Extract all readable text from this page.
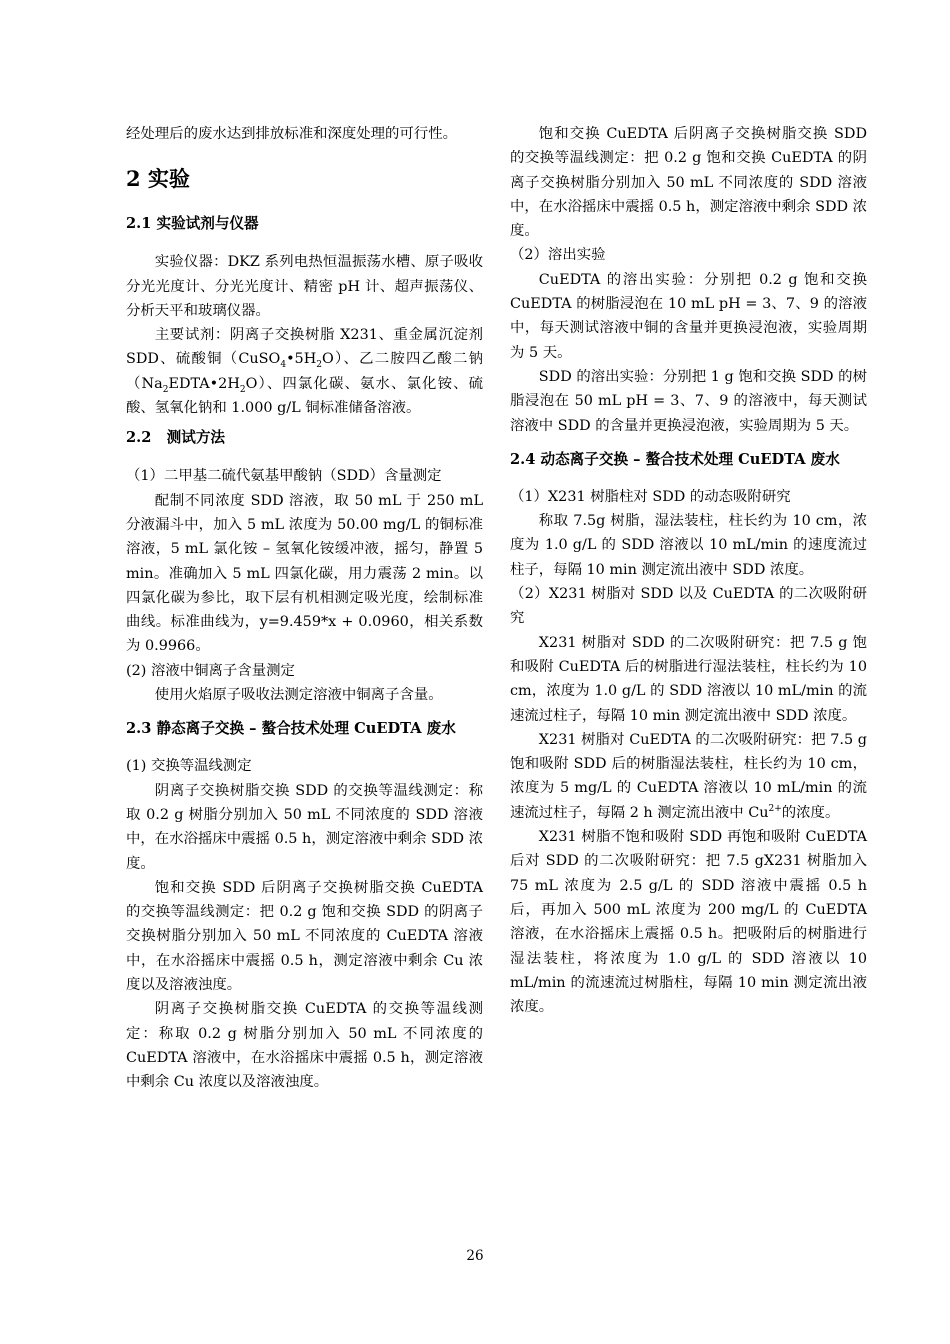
经处理后的废水达到排放标准和深度处理的可行性。

2 实验

2.1 实验试剂与仪器

实验仪器：DKZ 系列电热恒温振荡水槽、原子吸收分光光度计、分光光度计、精密 pH 计、超声振荡仪、分析天平和玻璃仪器。

主要试剂：阴离子交换树脂 X231、重金属沉淀剂 SDD、硫酸铜$(CuSO_4•5H_2O)$、乙二胺四乙酸二钠$(Na_2EDTA•2H_2O)$、四氯化碳、氨水、氯化铵、硫酸、氢氧化钠和 1.000 g/L 铜标准储备溶液。

2.2   测试方法

（1）二甲基二硫代氨基甲酸钠（SDD）含量测定

配制不同浓度 SDD 溶液，取 50 mL 于 250 mL 分液漏斗中，加入 5 mL 浓度为 50.00 mg/L 的铜标准溶液，5 mL 氯化铵 – 氢氧化铵缓冲液，摇匀，静置 5 min。准确加入 5 mL 四氯化碳，用力震荡 2 min。以四氯化碳为参比，取下层有机相测定吸光度，绘制标准曲线。标准曲线为，y=9.459*x + 0.0960，相关系数为 0.9966。

(2) 溶液中铜离子含量测定

使用火焰原子吸收法测定溶液中铜离子含量。

2.3 静态离子交换 – 螯合技术处理 CuEDTA 废水

(1) 交换等温线测定

阴离子交换树脂交换 SDD 的交换等温线测定：称取 0.2 g 树脂分别加入 50 mL 不同浓度的 SDD 溶液中，在水浴摇床中震摇 0.5 h，测定溶液中剩余 SDD 浓度。

饱和交换 SDD 后阴离子交换树脂交换 CuEDTA 的交换等温线测定：把 0.2 g 饱和交换 SDD 的阴离子交换树脂分别加入 50 mL 不同浓度的 CuEDTA 溶液中，在水浴摇床中震摇 0.5 h，测定溶液中剩余 Cu 浓度以及溶液浊度。

阴离子交换树脂交换 CuEDTA 的交换等温线测定：称取 0.2 g 树脂分别加入 50 mL 不同浓度的 CuEDTA 溶液中，在水浴摇床中震摇 0.5 h，测定溶液中剩余 Cu 浓度以及溶液浊度。

饱和交换 CuEDTA 后阴离子交换树脂交换 SDD 的交换等温线测定：把 0.2 g 饱和交换 CuEDTA 的阴离子交换树脂分别加入 50 mL 不同浓度的 SDD 溶液中，在水浴摇床中震摇 0.5 h，测定溶液中剩余 SDD 浓度。

（2）溶出实验

CuEDTA 的溶出实验：分别把 0.2 g 饱和交换 CuEDTA 的树脂浸泡在 10 mL pH = 3、7、9 的溶液中，每天测试溶液中铜的含量并更换浸泡液，实验周期为 5 天。

SDD 的溶出实验：分别把 1 g 饱和交换 SDD 的树脂浸泡在 50 mL pH = 3、7、9 的溶液中，每天测试溶液中 SDD 的含量并更换浸泡液，实验周期为 5 天。

2.4 动态离子交换 – 螯合技术处理 CuEDTA 废水

（1）X231 树脂柱对 SDD 的动态吸附研究

称取 7.5g 树脂，湿法装柱，柱长约为 10 cm，浓度为 1.0 g/L 的 SDD 溶液以 10 mL/min 的速度流过柱子，每隔 10 min 测定流出液中 SDD 浓度。

（2）X231 树脂对 SDD 以及 CuEDTA 的二次吸附研究

X231 树脂对 SDD 的二次吸附研究：把 7.5 g 饱和吸附 CuEDTA 后的树脂进行湿法装柱，柱长约为 10 cm，浓度为 1.0 g/L 的 SDD 溶液以 10 mL/min 的流速流过柱子，每隔 10 min 测定流出液中 SDD 浓度。

X231 树脂对 CuEDTA 的二次吸附研究：把 7.5 g 饱和吸附 SDD 后的树脂湿法装柱，柱长约为 10 cm，浓度为 5 mg/L 的 CuEDTA 溶液以 10 mL/min 的流速流过柱子，每隔 2 h 测定流出液中 $Cu^{2+}$的浓度。

X231 树脂不饱和吸附 SDD 再饱和吸附 CuEDTA 后对 SDD 的二次吸附研究：把 7.5 gX231 树脂加入 75 mL 浓度为 2.5 g/L 的 SDD 溶液中震摇 0.5 h 后，再加入 500 mL 浓度为 200 mg/L 的 CuEDTA 溶液，在水浴摇床上震摇 0.5 h。把吸附后的树脂进行湿法装柱，将浓度为 1.0 g/L 的 SDD 溶液以 10 mL/min 的流速流过树脂柱，每隔 10 min 测定流出液浓度。

26
